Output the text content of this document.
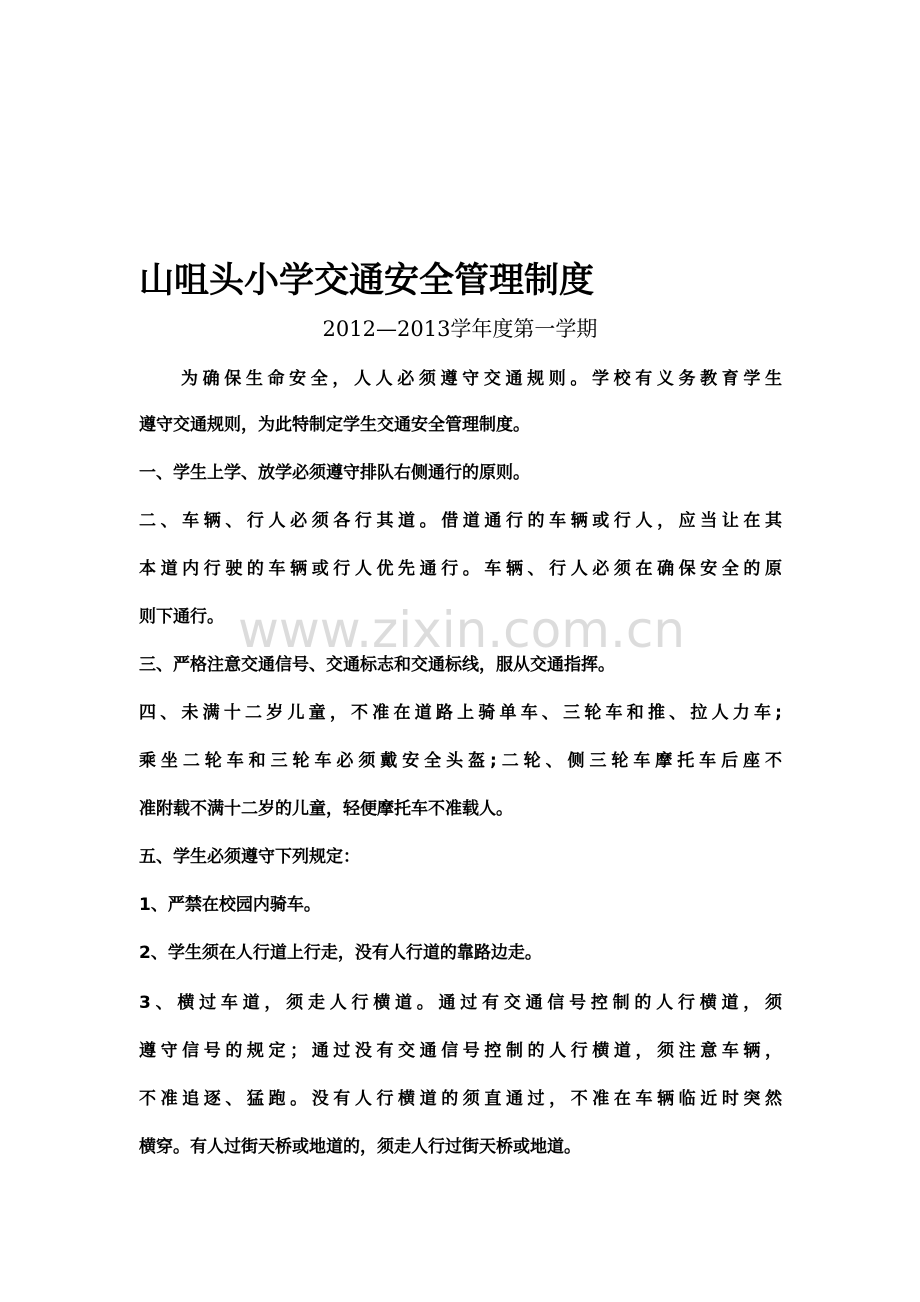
山咀头小学交通安全管理制度
2012—2013学年度第一学期
为确保生命安全，人人必须遵守交通规则。学校有义务教育学生
遵守交通规则，为此特制定学生交通安全管理制度。
一、学生上学、放学必须遵守排队右侧通行的原则。
二、车辆、行人必须各行其道。借道通行的车辆或行人，应当让在其
本道内行驶的车辆或行人优先通行。车辆、行人必须在确保安全的原
则下通行。
三、严格注意交通信号、交通标志和交通标线，服从交通指挥。
四、未满十二岁儿童，不准在道路上骑单车、三轮车和推、拉人力车;
乘坐二轮车和三轮车必须戴安全头盔;二轮、侧三轮车摩托车后座不
准附载不满十二岁的儿童，轻便摩托车不准载人。
五、学生必须遵守下列规定：
1、严禁在校园内骑车。
2、学生须在人行道上行走，没有人行道的靠路边走。
3、横过车道，须走人行横道。通过有交通信号控制的人行横道，须
遵守信号的规定；通过没有交通信号控制的人行横道，须注意车辆，
不准追逐、猛跑。没有人行横道的须直通过，不准在车辆临近时突然
横穿。有人过街天桥或地道的，须走人行过街天桥或地道。
www.zixin.com.cn
